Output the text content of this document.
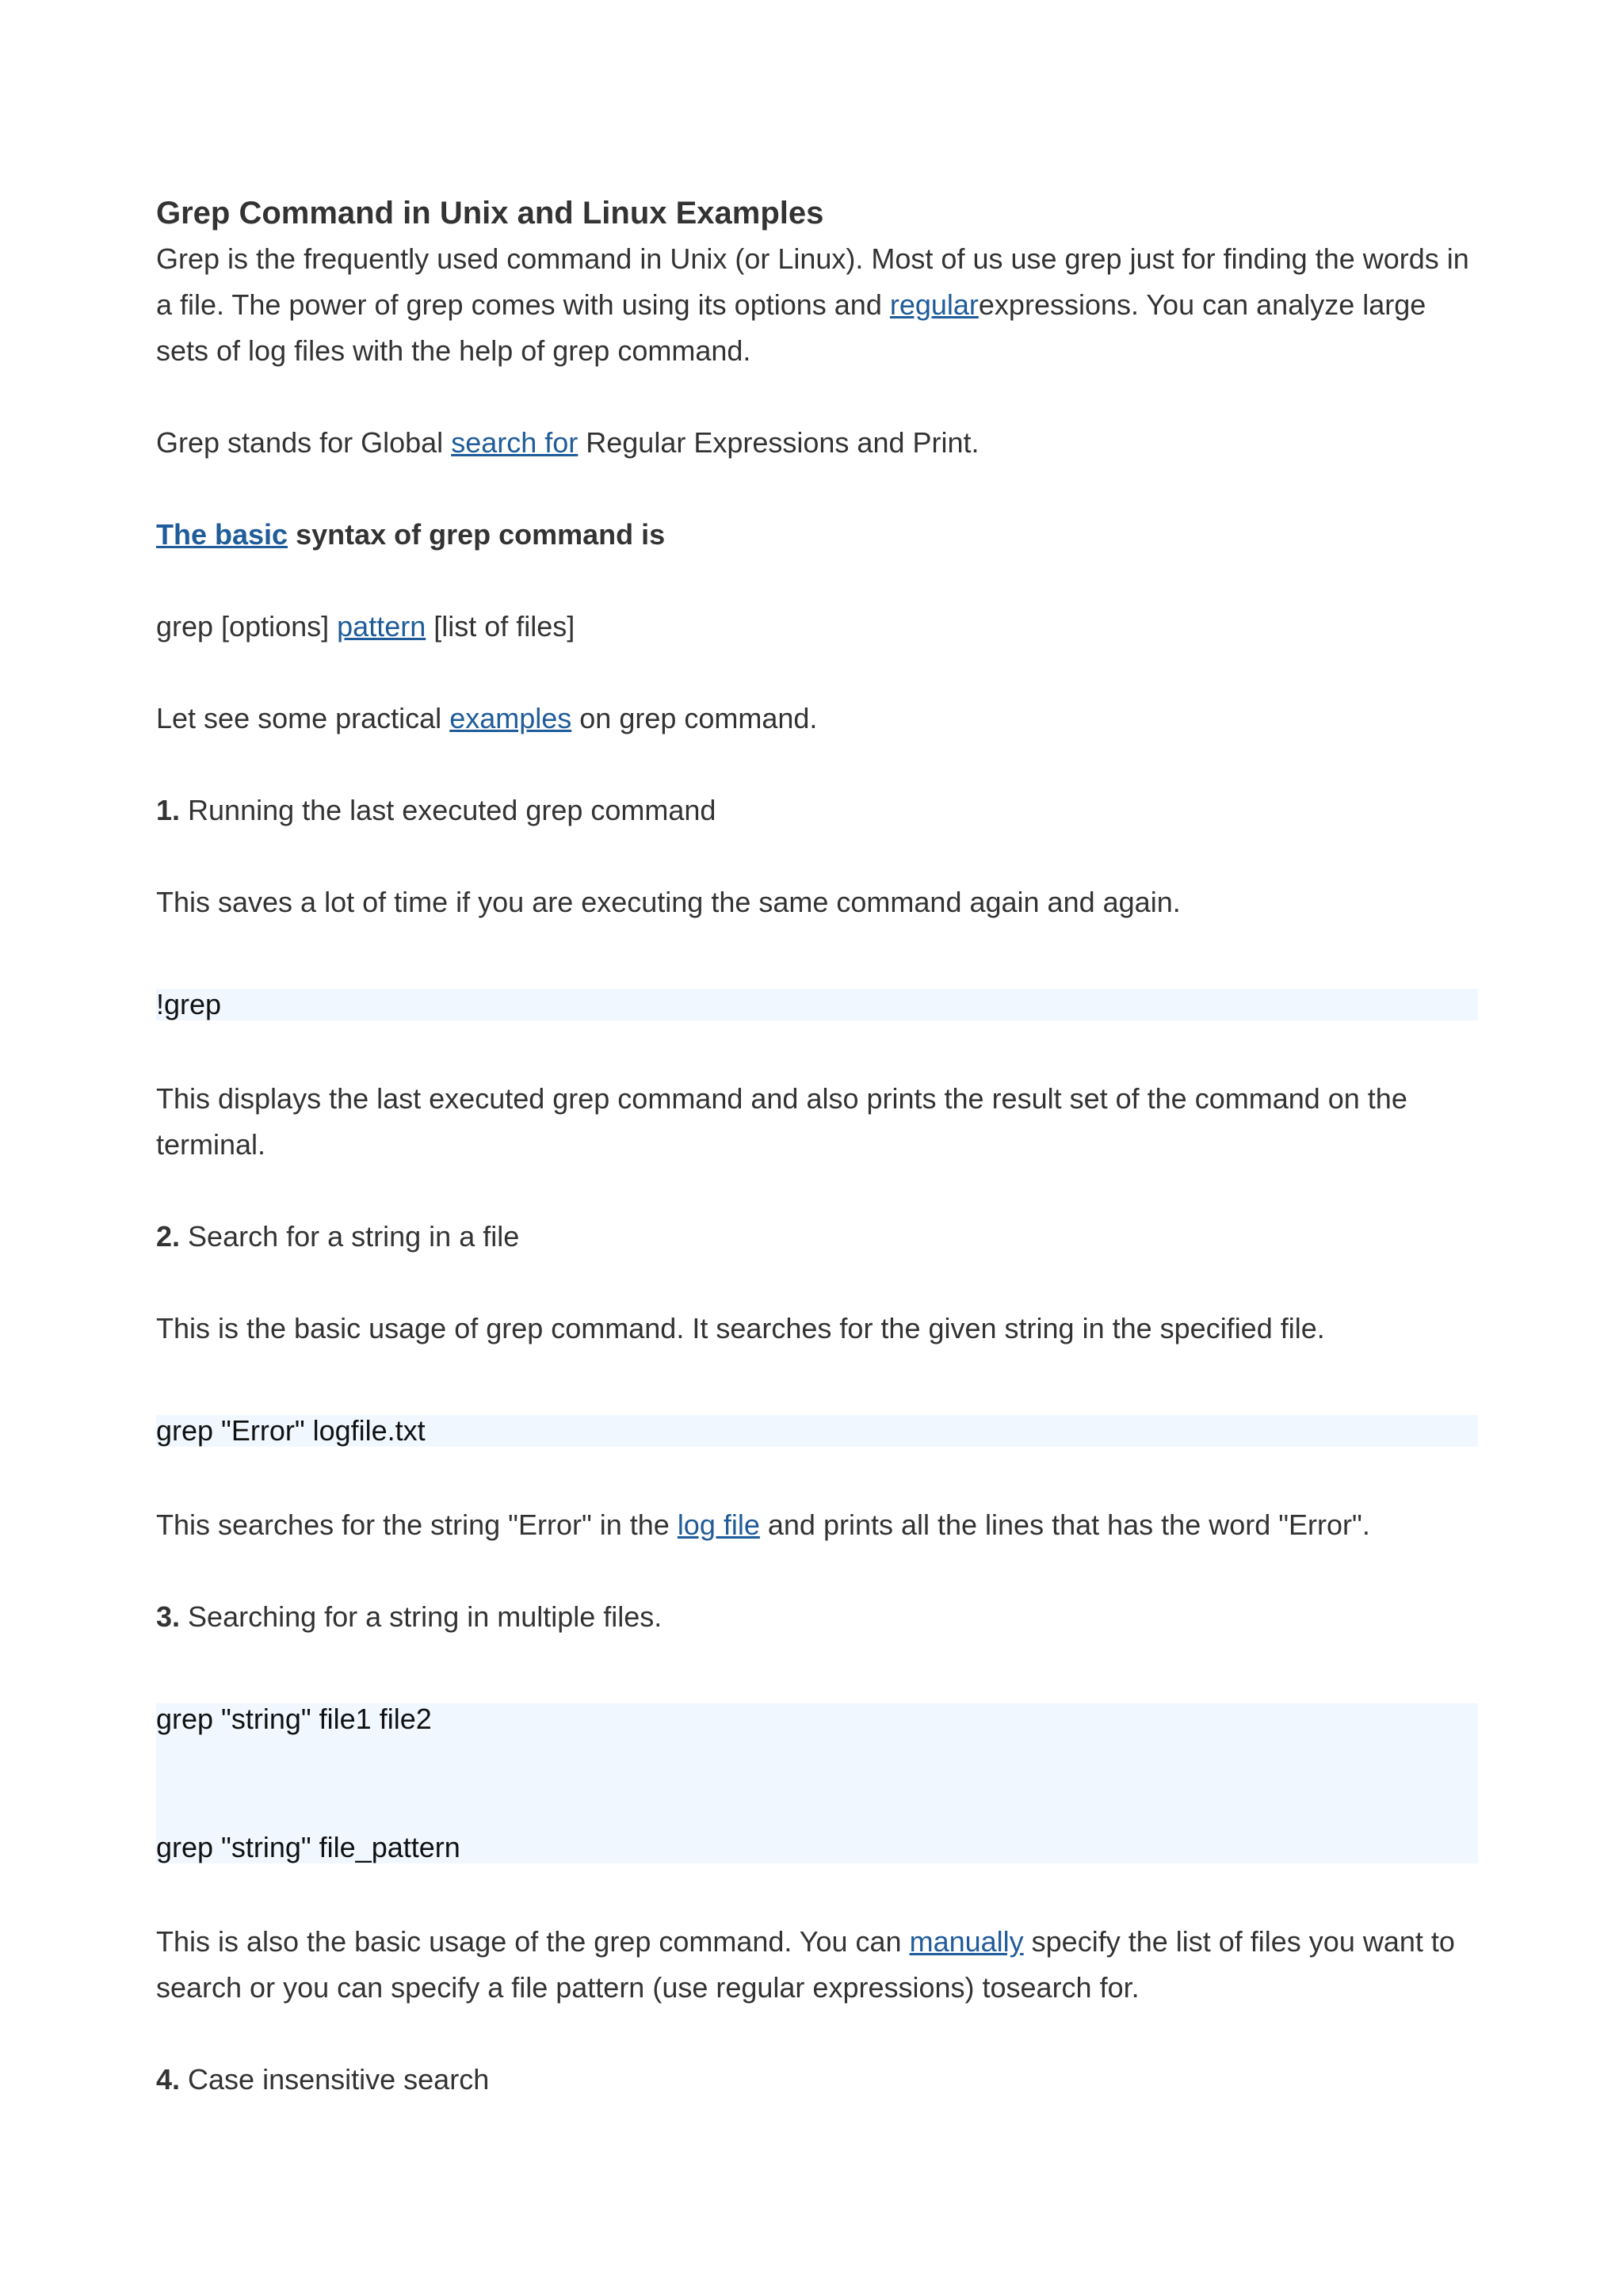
Grep Command in Unix and Linux Examples

Grep is the frequently used command in Unix (or Linux). Most of us use grep just for finding the words in a file. The power of grep comes with using its options and regularexpressions. You can analyze large sets of log files with the help of grep command.

Grep stands for Global search for Regular Expressions and Print.

The basic syntax of grep command is

grep [options] pattern [list of files]

Let see some practical examples on grep command.

1. Running the last executed grep command

This saves a lot of time if you are executing the same command again and again.

!grep

This displays the last executed grep command and also prints the result set of the command on the terminal.

2. Search for a string in a file

This is the basic usage of grep command. It searches for the given string in the specified file.

grep "Error" logfile.txt

This searches for the string "Error" in the log file and prints all the lines that has the word "Error".

3. Searching for a string in multiple files.

grep "string" file1 file2
grep "string" file_pattern

This is also the basic usage of the grep command. You can manually specify the list of files you want to search or you can specify a file pattern (use regular expressions) tosearch for.

4. Case insensitive search
